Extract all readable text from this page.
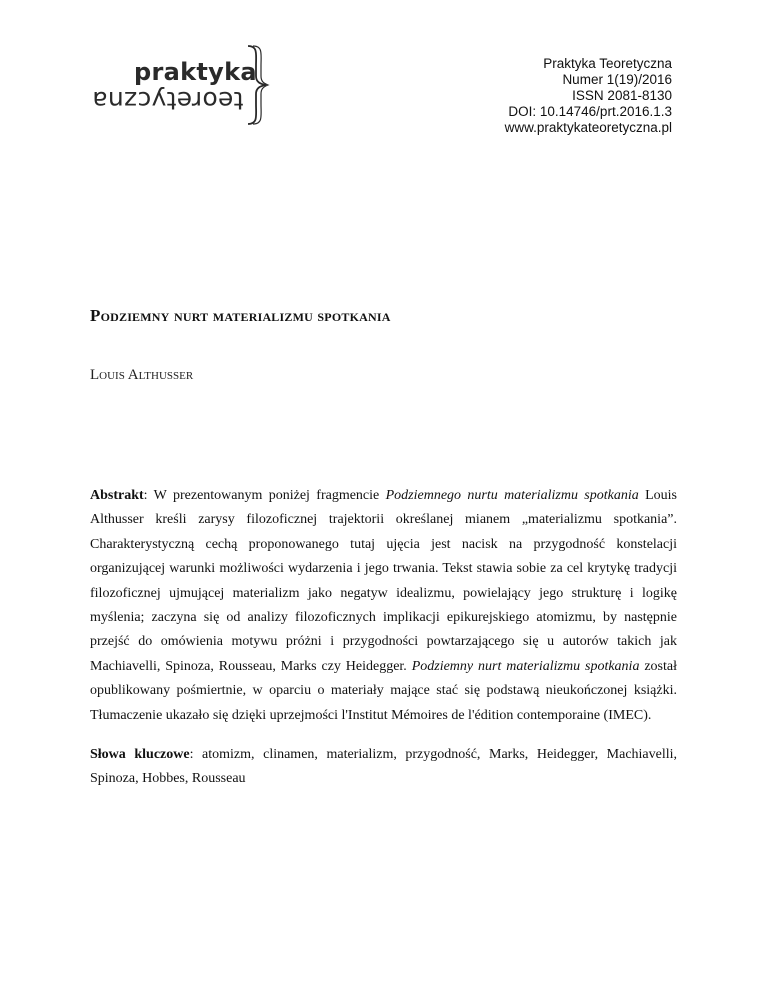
praktyka
teoretyczna
Praktyka Teoretyczna
Numer 1(19)/2016
ISSN 2081-8130
DOI: 10.14746/prt.2016.1.3
www.praktykateoretyczna.pl
Podziemny nurt materializmu spotkania
Louis Althusser
Abstrakt: W prezentowanym poniżej fragmencie Podziemnego nurtu materializmu spotkania Louis Althusser kreśli zarysy filozoficznej trajektorii określanej mianem „materializmu spotkania”. Charakterystyczną cechą proponowanego tutaj ujęcia jest nacisk na przygodność konstelacji organizującej warunki możliwości wydarzenia i jego trwania. Tekst stawia sobie za cel krytykę tradycji filozoficznej ujmującej materializm jako negatyw idealizmu, powielający jego strukturę i logikę myślenia; zaczyna się od analizy filozoficznych implikacji epikurejskiego atomizmu, by następnie przejść do omówienia motywu próżni i przygodności powtarzającego się u autorów takich jak Machiavelli, Spinoza, Rousseau, Marks czy Heidegger. Podziemny nurt materializmu spotkania został opublikowany pośmiertnie, w oparciu o materiały mające stać się podstawą nieukończonej książki. Tłumaczenie ukazało się dzięki uprzejmości l'Institut Mémoires de l'édition contemporaine (IMEC).
Słowa kluczowe: atomizm, clinamen, materializm, przygodność, Marks, Heidegger, Machiavelli, Spinoza, Hobbes, Rousseau
